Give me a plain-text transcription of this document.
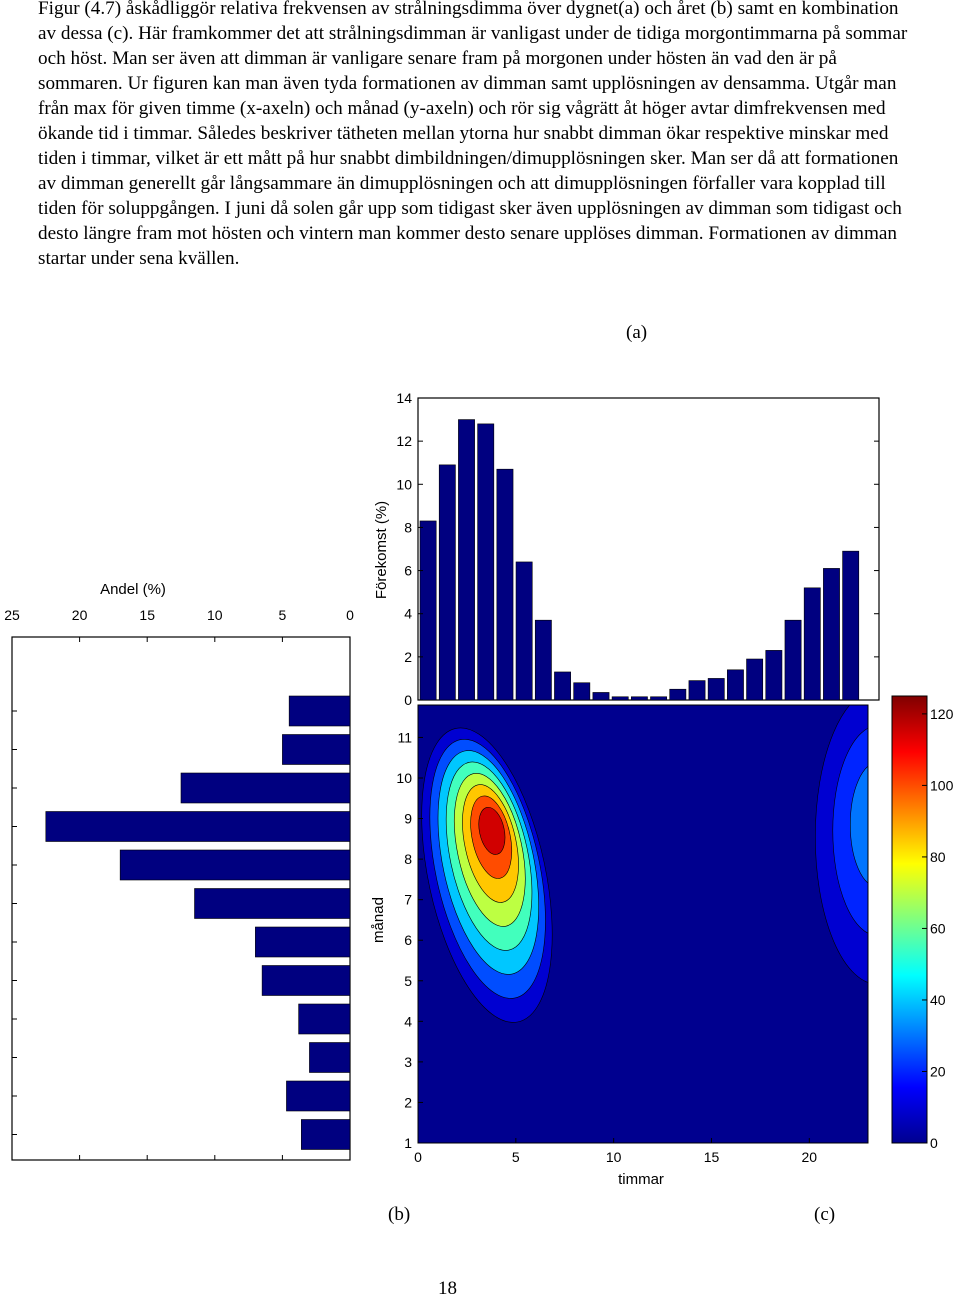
Figur (4.7) åskådliggör relativa frekvensen av strålningsdimma över dygnet(a) och året (b) samt en kombination av dessa (c). Här framkommer det att strålningsdimman är vanligast under de tidiga morgontimmarna på sommar och höst. Man ser även att dimman är vanligare senare fram på morgonen under hösten än vad den är på sommaren. Ur figuren kan man även tyda formationen av dimman samt upplösningen av densamma. Utgår man från max för given timme (x-axeln) och månad (y-axeln) och rör sig vågrätt åt höger avtar dimfrekvensen med ökande tid i timmar. Således beskriver tätheten mellan ytorna hur snabbt dimman ökar respektive minskar med tiden i timmar, vilket är ett mått på hur snabbt dimbildningen/dimupplösningen sker. Man ser då att formationen av dimman generellt går långsammare än dimupplösningen och att dimupplösningen förfaller vara kopplad till tiden för soluppgången. I juni då solen går upp som tidigast sker även upplösningen av dimman som tidigast och desto längre fram mot hösten och vintern man kommer desto senare upplöses dimman. Formationen av dimman startar under sena kvällen.

0
2
4
6
8
10
12
14
Förekomst (%)
25	20	15	10	5	0
Andel (%)
0	5	10	15	20
1
2
3
4
5
6
7
8
9
10
11
timmar
månad
0
20
40
60
80
100
120
(a)
(b)	(c)
18
